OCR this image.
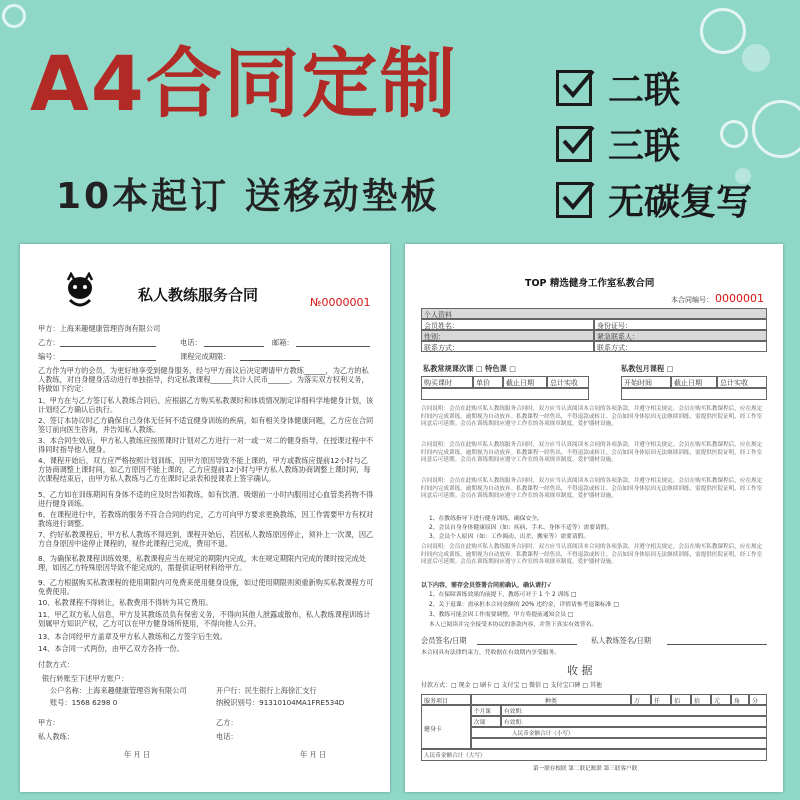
A4合同定制
10本起订 送移动垫板
二联
三联
无碳复写
私人教练服务合同	№0000001
甲方：上海来趣健康管理咨询有限公司
乙方：	电话：	邮箱：
编号：	课程完成期限：
乙方作为甲方的会员，为更好地享受到健身服务，经与甲方商议后决定聘请甲方教练______，为乙方的私人教练，对自身健身活动进行单独指导，约定私教课程______共计人民币______。为落实双方权利义务，特做如下约定：
1、甲方在与乙方签订私人教练合同后，应根据乙方购买私教课时和体质情况制定详细科学地健身计划，该计划经乙方确认后执行。
2、签订本协议时乙方确保自己身体无任何不适宜健身训练的疾病，如有相关身体健康问题，乙方应在合同签订前向医生咨询，并告知私人教练。
3、本合同生效后，甲方私人教练应按照课时计划对乙方进行一对一或一对二的健身指导，在授课过程中不得同时指导他人健身。
4、课程开始后，双方应严格按照计划训练，因甲方原因导致不能上课的，甲方或教练应提前12小时与乙方协商调整上课时间，如乙方原因不能上课的，乙方应提前12小时与甲方私人教练协商调整上课时间，每次课程结束后，由甲方私人教练与乙方在课时记录表和授课表上签字确认。
5、乙方如在训练期间有身体不适的应及时告知教练，如有饮酒、吸烟前一小时内服用过心血管类药物不得进行健身训练。
6、在课程进行中，若教练的服务不符合合同的约定，乙方可向甲方要求更换教练，因工作需要甲方有权对教练进行调整。
7、约好私教课程后，甲方私人教练不得迟到，课程开始后，若因私人教练原因停止，须补上一次课，因乙方自身原因中途停止课程的，视作此课程已完成，费用不退。
8、为确保私教课程训练效果，私教课程应当在规定的期限内完成，未在规定期限内完成的课时按完成处理，如因乙方特殊原因导致不能完成的，需提供证明材料给甲方。
9、乙方根据购买私教课程的使用期限内可免费来使用健身设施，如过使用期限则须重新购买私教课程方可免费使用。
10、私教课程不得转让，私教费用不得转为其它费用。
11、甲乙双方私人信息，甲方及其教练员负有保密义务，不得向其他人泄露或散布，私人教练课程训练计划属甲方知识产权，乙方可以在甲方健身场所使用，不得向他人公开。
13、本合同经甲方盖章及甲方私人教练和乙方签字后生效。
14、本合同一式两份，由甲乙双方各持一份。
付款方式：
银行转账至下述甲方账户：
公户名称：上海来趣健康管理咨询有限公司
账号：1568 6298 0
开户行：民生银行上海徐汇支行
纳税识别号：91310104MA1FRE534D
甲方：	乙方：
私人教练：	电话：
年 月 日	年 月 日
TOP 精选健身工作室私教合同
本合同编号： 0000001
个人资料
会员姓名：	身份证号：
性别：	紧急联系人：
联系方式：	联系方式：
私教常规课次课 □ 特色课 □	私教包月课程 □
购买课时	单价	截止日期	总计实收	开始时间	截止日期	总计实收
合同说明：会员在此购买私人教练服务合同时，双方应当认真阅读本合同的各项条款，并遵守相关规定。会员在购买私教课程后，应在规定时间内完成训练，逾期视为自动放弃。私教课程一经售出，不得退款或转让。会员如因身体原因无法继续训练，需提供医院证明，经工作室同意后可延期。会员在训练期间应遵守工作室的各项规章制度，爱护器材设施。
合同说明：会员在此购买私人教练服务合同时，双方应当认真阅读本合同的各项条款，并遵守相关规定。会员在购买私教课程后，应在规定时间内完成训练，逾期视为自动放弃。私教课程一经售出，不得退款或转让。会员如因身体原因无法继续训练，需提供医院证明，经工作室同意后可延期。会员在训练期间应遵守工作室的各项规章制度，爱护器材设施。
合同说明：会员在此购买私人教练服务合同时，双方应当认真阅读本合同的各项条款，并遵守相关规定。会员在购买私教课程后，应在规定时间内完成训练，逾期视为自动放弃。私教课程一经售出，不得退款或转让。会员如因身体原因无法继续训练，需提供医院证明，经工作室同意后可延期。会员在训练期间应遵守工作室的各项规章制度，爱护器材设施。
1、在教练指导下进行健身训练，确保安全。
2、会员自身身体健康原因（如：疾病、手术、身体不适等）需要请假。
3、会员个人原因（如：工作调动、出差、搬家等）需要请假。
合同说明：会员在此购买私人教练服务合同时，双方应当认真阅读本合同的各项条款，并遵守相关规定。会员在购买私教课程后，应在规定时间内完成训练，逾期视为自动放弃。私教课程一经售出，不得退款或转让。会员如因身体原因无法继续训练，需提供医院证明，经工作室同意后可延期。会员在训练期间应遵守工作室的各项规章制度，爱护器材设施。
以下内容，需存会员签署合同前确认，确认请打√
1、在保障训练效果的前提下，教练可对于 1 个 2 训练 □
2、关于退课：需承担本合同金额的 20% 违约金，详情请参考退课标准 □
3、教练可能会因工作需要调整，甲方将提前通知会员 □
本人已阅读并完全接受本协议的条款内容，并签下真实有效签名。
会员签名/日期	私人教练签名/日期
本合同具有法律约束力，凭收据在有效期内享受服务。
收 据
付款方式：□ 现金 □ 刷卡 □ 支付宝 □ 微信 □ 支付宝口碑 □ 其他
服务项目	种类	万	仟	佰	拾	元	角	分
健身卡
个月课	有效期：
次课	有效期：
人民币金额合计（小写）
人民币金额合计（大写）
第一联存根联 第二联记账联 第三联客户联
